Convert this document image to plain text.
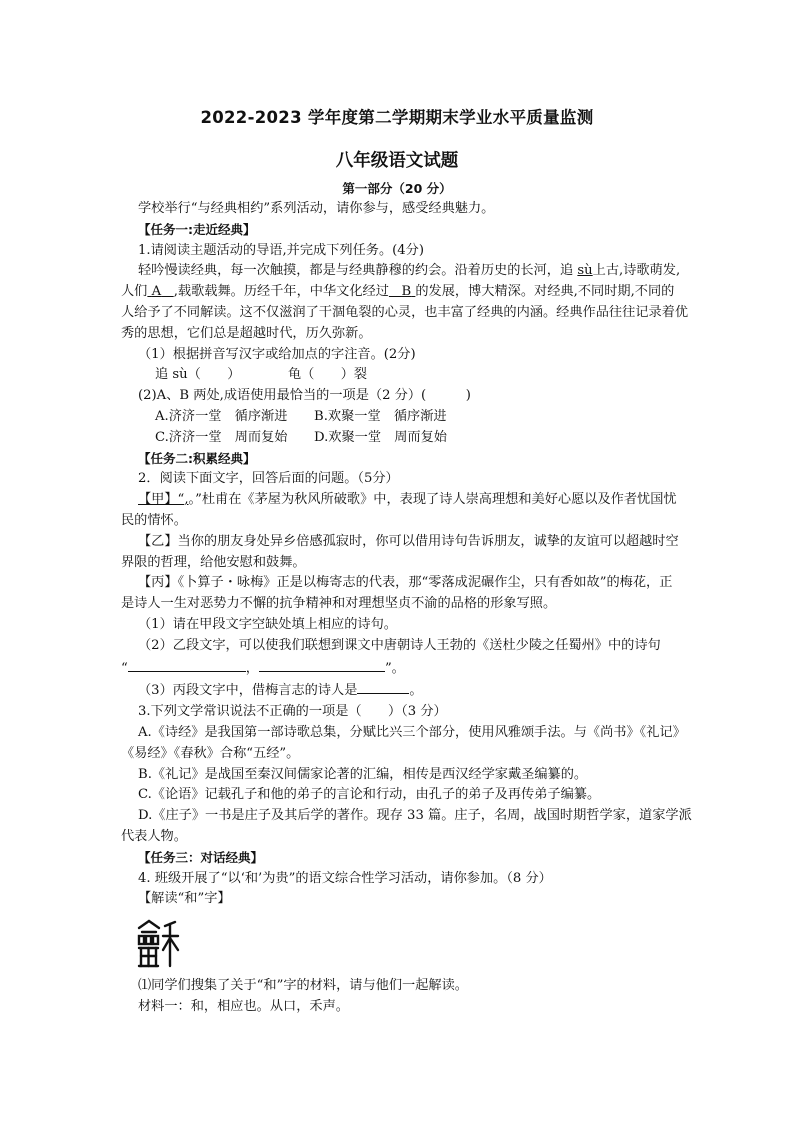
2022-2023 学年度第二学期期末学业水平质量监测
八年级语文试题
第一部分（20 分）

学校举行“与经典相约”系列活动，请你参与，感受经典魅力。

【任务一:走近经典】

1.请阅读主题活动的导语,并完成下列任务。(4分)

轻吟慢读经典，每一次触摸，都是与经典静穆的约会。沿着历史的长河，追 sù上古,诗歌萌发,

人们 A ,载歌载舞。历经千年，中华文化经过 B 的发展，博大精深。对经典,不同时期,不同的

人给予了不同解读。这不仅滋润了干涸龟裂的心灵，也丰富了经典的内涵。经典作品往往记录着优

秀的思想，它们总是超越时代，历久弥新。

（1）根据拼音写汉字或给加点的字注音。(2分)

追 sù（　　）	龟（　　）裂

(2)A、B 两处,成语使用最恰当的一项是（2 分）(　　　)

A.济济一堂　循序渐进 B.欢聚一堂　循序渐进

C.济济一堂　周而复始 D.欢聚一堂　周而复始

【任务二:积累经典】

2．阅读下面文字，回答后面的问题。（5分）

【甲】“,。”杜甫在《茅屋为秋风所破歌》中，表现了诗人崇高理想和美好心愿以及作者忧国忧

民的情怀。

【乙】当你的朋友身处异乡倍感孤寂时，你可以借用诗句告诉朋友，诚挚的友谊可以超越时空

界限的哲理，给他安慰和鼓舞。

【丙】《卜算子・咏梅》正是以梅寄志的代表，那“零落成泥碾作尘，只有香如故”的梅花，正

是诗人一生对恶势力不懈的抗争精神和对理想坚贞不渝的品格的形象写照。

（1）请在甲段文字空缺处填上相应的诗句。

（2）乙段文字，可以使我们联想到课文中唐朝诗人王勃的《送杜少陵之任蜀州》中的诗句

“	，	”。

（3）丙段文字中，借梅言志的诗人是	。

3.下列文学常识说法不正确的一项是（　　）（3 分）

A.《诗经》是我国第一部诗歌总集，分赋比兴三个部分，使用风雅颂手法。与《尚书》《礼记》

《易经》《春秋》合称“五经”。

B.《礼记》是战国至秦汉间儒家论著的汇编，相传是西汉经学家戴圣编纂的。

C.《论语》记载孔子和他的弟子的言论和行动，由孔子的弟子及再传弟子编纂。

D.《庄子》一书是庄子及其后学的著作。现存 33 篇。庄子，名周，战国时期哲学家，道家学派

代表人物。

【任务三：对话经典】

4. 班级开展了“以‘和’为贵”的语文综合性学习活动，请你参加。（8 分）

【解读“和”字】

⑴同学们搜集了关于“和”字的材料，请与他们一起解读。

材料一：和，相应也。从口，禾声。
